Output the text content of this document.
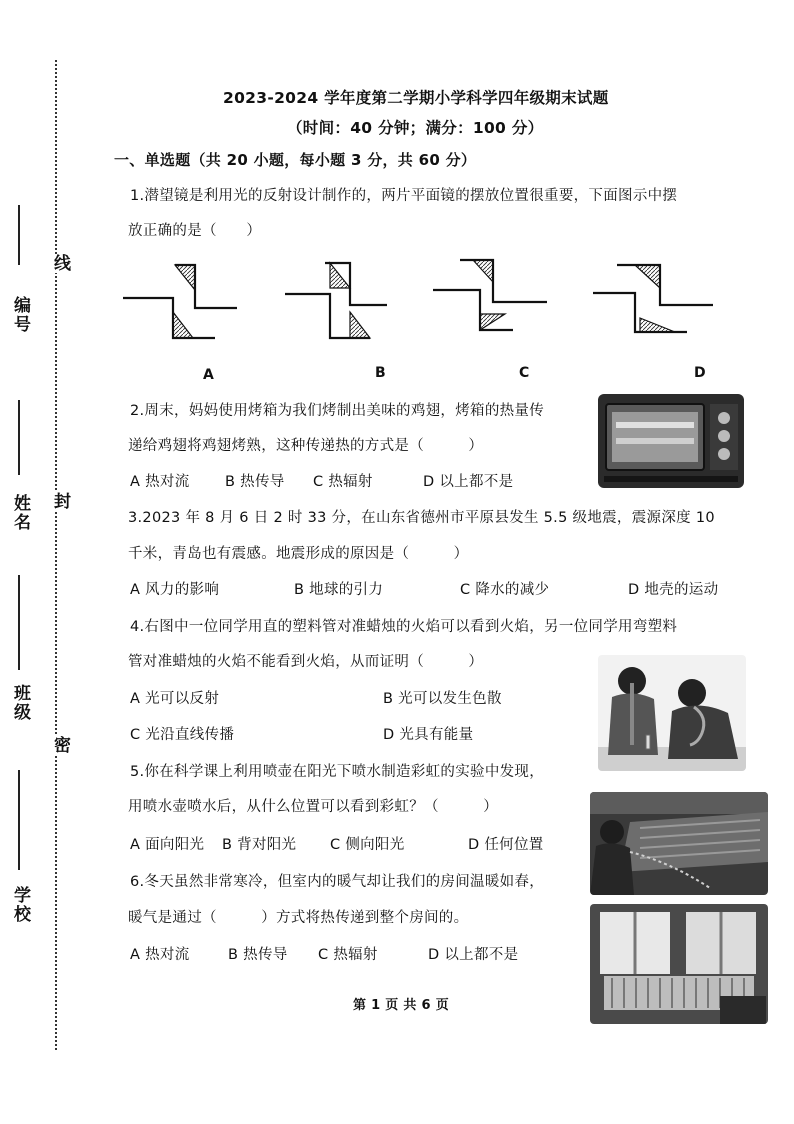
编号
姓名
班级
学校
线
封
密
2023-2024 学年度第二学期小学科学四年级期末试题
（时间：40 分钟；满分：100 分）
一、单选题（共 20 小题，每小题 3 分，共 60 分）
1.潜望镜是利用光的反射设计制作的，两片平面镜的摆放位置很重要，下面图示中摆
放正确的是（　　）
A	B	C	D
2.周末，妈妈使用烤箱为我们烤制出美味的鸡翅，烤箱的热量传
递给鸡翅将鸡翅烤熟，这种传递热的方式是（　　　）
A 热对流 B 热传导 C 热辐射	D 以上都不是
3.2023 年 8 月 6 日 2 时 33 分，在山东省德州市平原县发生 5.5 级地震，震源深度 10
千米，青岛也有震感。地震形成的原因是（　　　）
A 风力的影响	B 地球的引力	C 降水的减少	D 地壳的运动
4.右图中一位同学用直的塑料管对准蜡烛的火焰可以看到火焰，另一位同学用弯塑料
管对准蜡烛的火焰不能看到火焰，从而证明（　　　）
A 光可以反射	B 光可以发生色散
C 光沿直线传播	D 光具有能量
5.你在科学课上利用喷壶在阳光下喷水制造彩虹的实验中发现，
用喷水壶喷水后，从什么位置可以看到彩虹？（　　　）
A 面向阳光 B 背对阳光 C 侧向阳光	D 任何位置
6.冬天虽然非常寒冷，但室内的暖气却让我们的房间温暖如春，
暖气是通过（　　　）方式将热传递到整个房间的。
A 热对流	B 热传导 C 热辐射	D 以上都不是
第 1 页 共 6 页
